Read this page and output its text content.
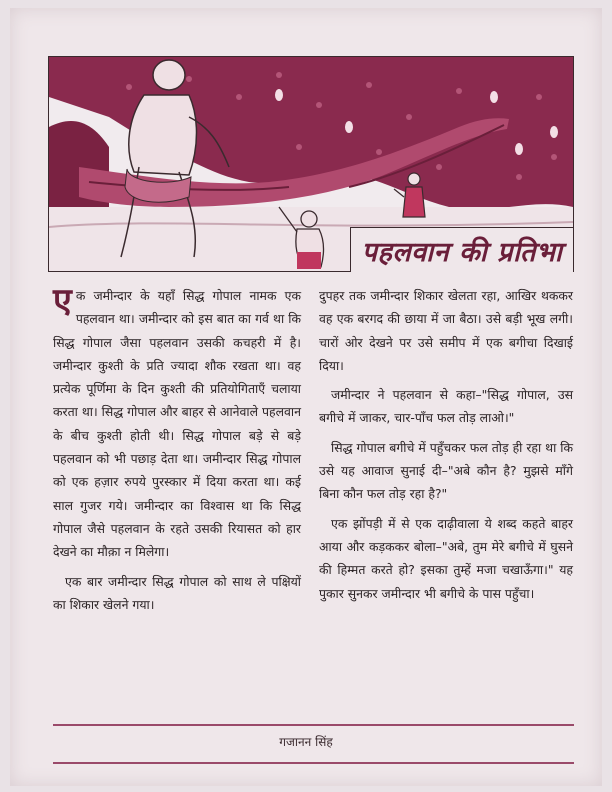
पहलवान की प्रतिभा

एक जमीन्दार के यहाँ सिद्ध गोपाल नामक एक पहलवान था। जमीन्दार को इस बात का गर्व था कि सिद्ध गोपाल जैसा पहलवान उसकी कचहरी में है। जमीन्दार कुश्ती के प्रति ज्यादा शौक रखता था। वह प्रत्येक पूर्णिमा के दिन कुश्ती की प्रतियोगिताएँ चलाया करता था। सिद्ध गोपाल और बाहर से आनेवाले पहलवान के बीच कुश्ती होती थी। सिद्ध गोपाल बड़े से बड़े पहलवान को भी पछाड़ देता था। जमीन्दार सिद्ध गोपाल को एक हज़ार रुपये पुरस्कार में दिया करता था। कई साल गुजर गये। जमीन्दार का विश्वास था कि सिद्ध गोपाल जैसे पहलवान के रहते उसकी रियासत को हार देखने का मौक़ा न मिलेगा।

एक बार जमीन्दार सिद्ध गोपाल को साथ ले पक्षियों का शिकार खेलने गया।

दुपहर तक जमीन्दार शिकार खेलता रहा, आखिर थककर वह एक बरगद की छाया में जा बैठा। उसे बड़ी भूख लगी। चारों ओर देखने पर उसे समीप में एक बगीचा दिखाई दिया।

जमीन्दार ने पहलवान से कहा–"सिद्ध गोपाल, उस बगीचे में जाकर, चार-पाँच फल तोड़ लाओ।"

सिद्ध गोपाल बगीचे में पहुँचकर फल तोड़ ही रहा था कि उसे यह आवाज सुनाई दी–"अबे कौन है? मुझसे माँगे बिना कौन फल तोड़ रहा है?"

एक झोंपड़ी में से एक दाढ़ीवाला ये शब्द कहते बाहर आया और कड़ककर बोला–"अबे, तुम मेरे बगीचे में घुसने की हिम्मत करते हो? इसका तुम्हें मजा चखाऊँगा।" यह पुकार सुनकर जमीन्दार भी बगीचे के पास पहुँचा।

गजानन सिंह
